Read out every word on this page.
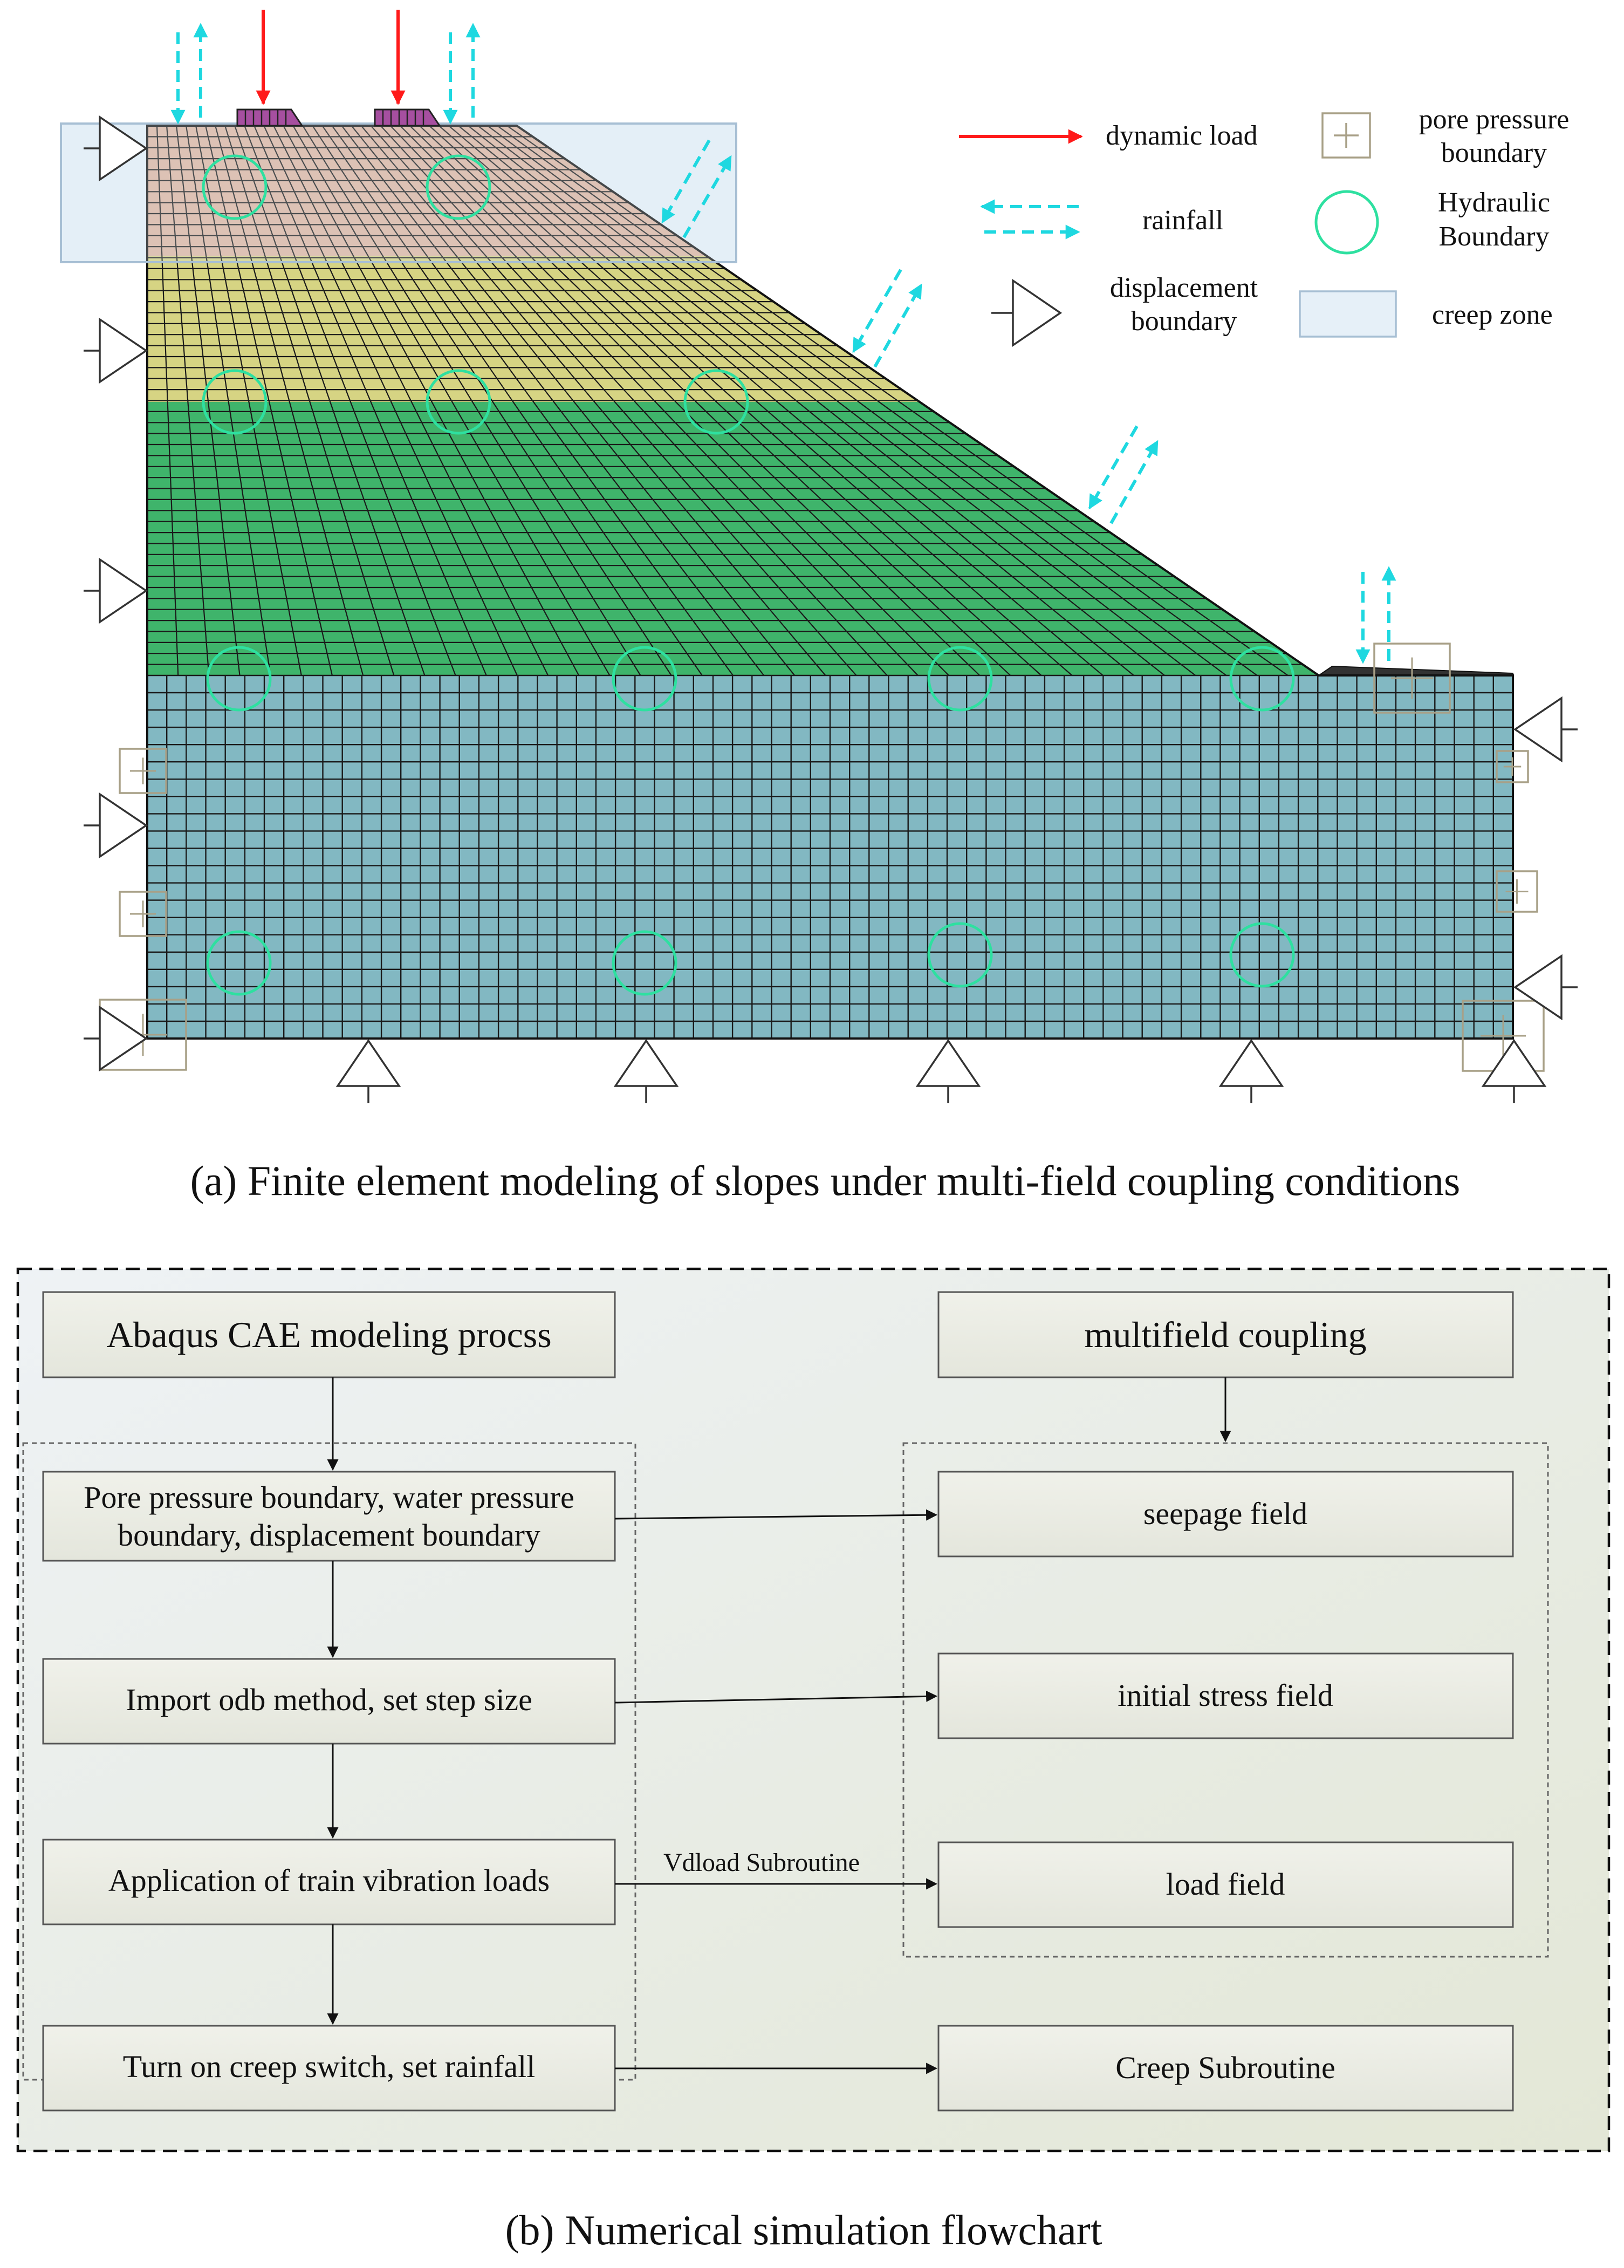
dynamic load
rainfall
displacement
boundary
pore pressure
boundary
Hydraulic
Boundary
creep zone
(a) Finite element modeling of slopes under multi-field coupling conditions
Abaqus CAE modeling procss	multifield coupling
Pore pressure boundary, water pressure
boundary, displacement boundary
Import odb method, set step size
Application of train vibration loads
Turn on creep switch, set rainfall
seepage field
initial stress field
load field
Creep Subroutine
Vdload Subroutine
(b) Numerical simulation flowchart
